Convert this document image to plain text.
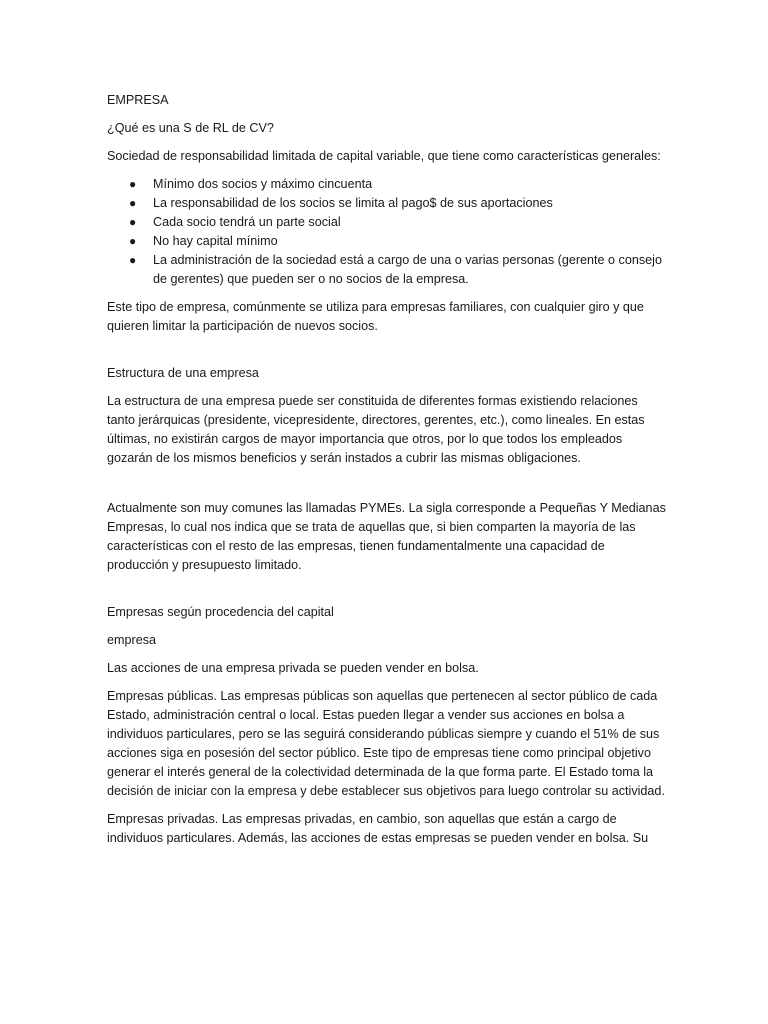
EMPRESA

¿Qué es una S de RL de CV?

Sociedad de responsabilidad limitada de capital variable, que tiene como características generales:

● Mínimo dos socios y máximo cincuenta
● La responsabilidad de los socios se limita al pago$ de sus aportaciones
● Cada socio tendrá un parte social
● No hay capital mínimo
● La administración de la sociedad está a cargo de una o varias personas (gerente o consejo de gerentes) que pueden ser o no socios de la empresa.

Este tipo de empresa, comúnmente se utiliza para empresas familiares, con cualquier giro y que quieren limitar la participación de nuevos socios.

Estructura de una empresa

La estructura de una empresa puede ser constituida de diferentes formas existiendo relaciones tanto jerárquicas (presidente, vicepresidente, directores, gerentes, etc.), como lineales. En estas últimas, no existirán cargos de mayor importancia que otros, por lo que todos los empleados gozarán de los mismos beneficios y serán instados a cubrir las mismas obligaciones.

Actualmente son muy comunes las llamadas PYMEs. La sigla corresponde a Pequeñas Y Medianas Empresas, lo cual nos indica que se trata de aquellas que, si bien comparten la mayoría de las características con el resto de las empresas, tienen fundamentalmente una capacidad de producción y presupuesto limitado.

Empresas según procedencia del capital

empresa

Las acciones de una empresa privada se pueden vender en bolsa.

Empresas públicas. Las empresas públicas son aquellas que pertenecen al sector público de cada Estado, administración central o local. Estas pueden llegar a vender sus acciones en bolsa a individuos particulares, pero se las seguirá considerando públicas siempre y cuando el 51% de sus acciones siga en posesión del sector público. Este tipo de empresas tiene como principal objetivo generar el interés general de la colectividad determinada de la que forma parte. El Estado toma la decisión de iniciar con la empresa y debe establecer sus objetivos para luego controlar su actividad.

Empresas privadas. Las empresas privadas, en cambio, son aquellas que están a cargo de individuos particulares. Además, las acciones de estas empresas se pueden vender en bolsa. Su
